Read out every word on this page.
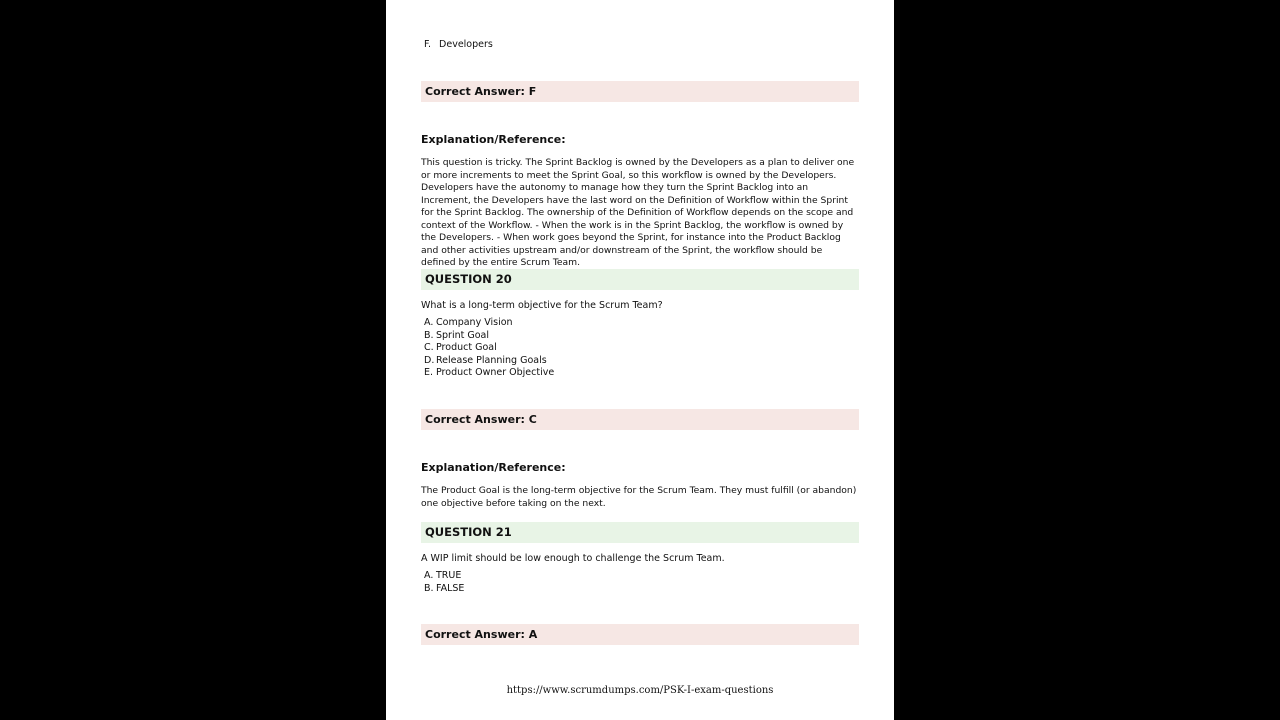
F. Developers
Correct Answer: F
Explanation/Reference:
This question is tricky. The Sprint Backlog is owned by the Developers as a plan to deliver one or more increments to meet the Sprint Goal, so this workflow is owned by the Developers. Developers have the autonomy to manage how they turn the Sprint Backlog into an Increment, the Developers have the last word on the Definition of Workflow within the Sprint for the Sprint Backlog. The ownership of the Definition of Workflow depends on the scope and context of the Workflow. - When the work is in the Sprint Backlog, the workflow is owned by the Developers. - When work goes beyond the Sprint, for instance into the Product Backlog and other activities upstream and/or downstream of the Sprint, the workflow should be defined by the entire Scrum Team.
QUESTION 20
What is a long-term objective for the Scrum Team?
A. Company Vision
B. Sprint Goal
C. Product Goal
D. Release Planning Goals
E. Product Owner Objective
Correct Answer: C
Explanation/Reference:
The Product Goal is the long-term objective for the Scrum Team. They must fulfill (or abandon) one objective before taking on the next.
QUESTION 21
A WIP limit should be low enough to challenge the Scrum Team.
A. TRUE
B. FALSE
Correct Answer: A
https://www.scrumdumps.com/PSK-I-exam-questions
